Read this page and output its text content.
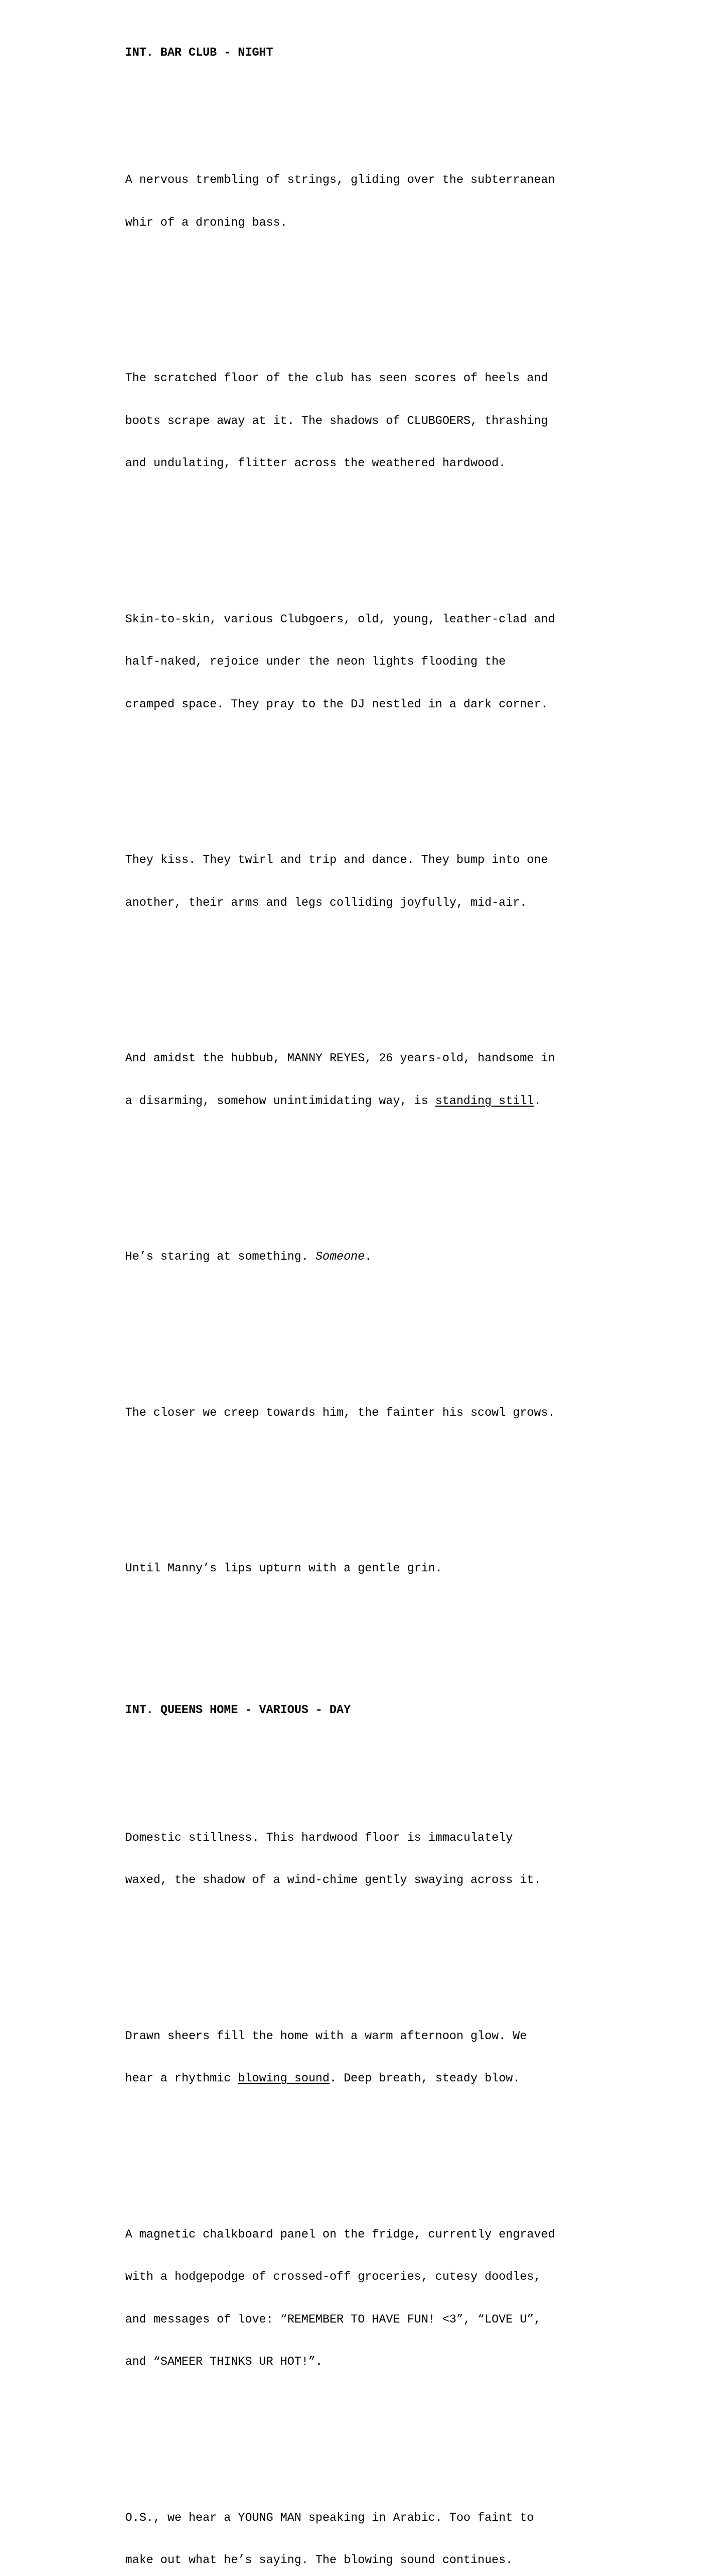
INT. BAR CLUB - NIGHT

A nervous trembling of strings, gliding over the subterranean

whir of a droning bass.

The scratched floor of the club has seen scores of heels and

boots scrape away at it. The shadows of CLUBGOERS, thrashing

and undulating, flitter across the weathered hardwood.

Skin-to-skin, various Clubgoers, old, young, leather-clad and

half-naked, rejoice under the neon lights flooding the

cramped space. They pray to the DJ nestled in a dark corner.

They kiss. They twirl and trip and dance. They bump into one

another, their arms and legs colliding joyfully, mid-air.

And amidst the hubbub, MANNY REYES, 26 years-old, handsome in

a disarming, somehow unintimidating way, is standing still.

He’s staring at something. Someone.

The closer we creep towards him, the fainter his scowl grows.

Until Manny’s lips upturn with a gentle grin.

INT. QUEENS HOME - VARIOUS - DAY

Domestic stillness. This hardwood floor is immaculately

waxed, the shadow of a wind-chime gently swaying across it.

Drawn sheers fill the home with a warm afternoon glow. We

hear a rhythmic blowing sound. Deep breath, steady blow.

A magnetic chalkboard panel on the fridge, currently engraved

with a hodgepodge of crossed-off groceries, cutesy doodles,

and messages of love: “REMEMBER TO HAVE FUN! <3”, “LOVE U”,

and “SAMEER THINKS UR HOT!”.

O.S., we hear a YOUNG MAN speaking in Arabic. Too faint to

make out what he’s saying. The blowing sound continues.
